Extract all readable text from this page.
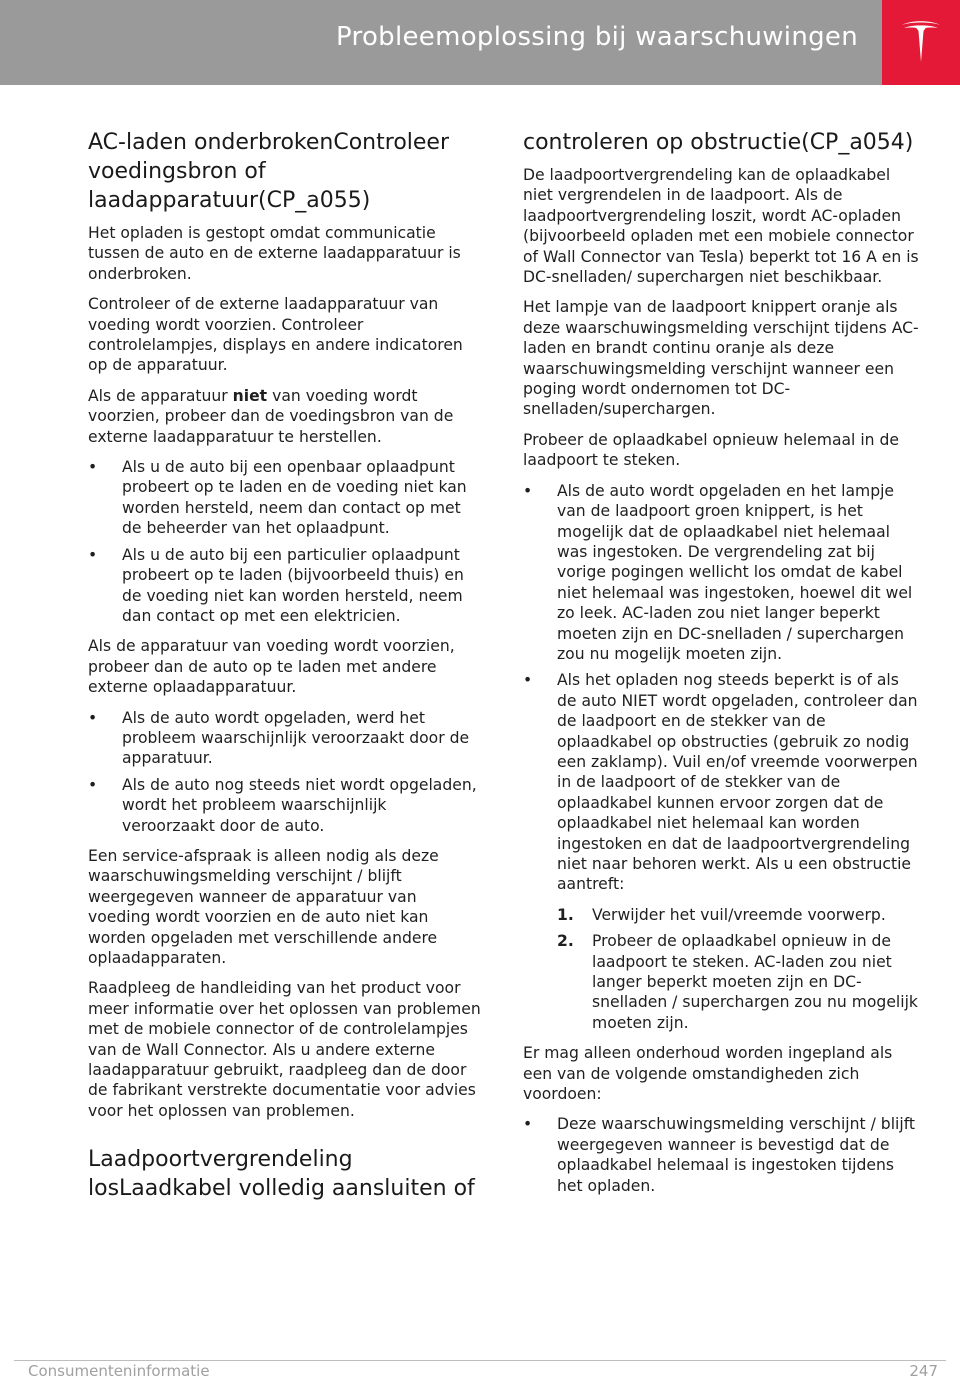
Probleemoplossing bij waarschuwingen
AC-laden onderbrokenControleer voedingsbron of laadapparatuur(CP_a055)

Het opladen is gestopt omdat communicatie tussen de auto en de externe laadapparatuur is onderbroken.

Controleer of de externe laadapparatuur van voeding wordt voorzien. Controleer controlelampjes, displays en andere indicatoren op de apparatuur.

Als de apparatuur niet van voeding wordt voorzien, probeer dan de voedingsbron van de externe laadapparatuur te herstellen.

•	Als u de auto bij een openbaar oplaadpunt probeert op te laden en de voeding niet kan worden hersteld, neem dan contact op met de beheerder van het oplaadpunt.
•	Als u de auto bij een particulier oplaadpunt probeert op te laden (bijvoorbeeld thuis) en de voeding niet kan worden hersteld, neem dan contact op met een elektricien.

Als de apparatuur van voeding wordt voorzien, probeer dan de auto op te laden met andere externe oplaadapparatuur.

•	Als de auto wordt opgeladen, werd het probleem waarschijnlijk veroorzaakt door de apparatuur.
•	Als de auto nog steeds niet wordt opgeladen, wordt het probleem waarschijnlijk veroorzaakt door de auto.

Een service-afspraak is alleen nodig als deze waarschuwingsmelding verschijnt / blijft weergegeven wanneer de apparatuur van voeding wordt voorzien en de auto niet kan worden opgeladen met verschillende andere oplaadapparaten.

Raadpleeg de handleiding van het product voor meer informatie over het oplossen van problemen met de mobiele connector of de controlelampjes van de Wall Connector. Als u andere externe laadapparatuur gebruikt, raadpleeg dan de door de fabrikant verstrekte documentatie voor advies voor het oplossen van problemen.

Laadpoortvergrendeling losLaadkabel volledig aansluiten of
controleren op obstructie(CP_a054)

De laadpoortvergrendeling kan de oplaadkabel niet vergrendelen in de laadpoort. Als de laadpoortvergrendeling loszit, wordt AC-opladen (bijvoorbeeld opladen met een mobiele connector of Wall Connector van Tesla) beperkt tot 16 A en is DC-snelladen/ superchargen niet beschikbaar.

Het lampje van de laadpoort knippert oranje als deze waarschuwingsmelding verschijnt tijdens AC-laden en brandt continu oranje als deze waarschuwingsmelding verschijnt wanneer een poging wordt ondernomen tot DC-snelladen/superchargen.

Probeer de oplaadkabel opnieuw helemaal in de laadpoort te steken.

•	Als de auto wordt opgeladen en het lampje van de laadpoort groen knippert, is het mogelijk dat de oplaadkabel niet helemaal was ingestoken. De vergrendeling zat bij vorige pogingen wellicht los omdat de kabel niet helemaal was ingestoken, hoewel dit wel zo leek. AC-laden zou niet langer beperkt moeten zijn en DC-snelladen / superchargen zou nu mogelijk moeten zijn.
•	Als het opladen nog steeds beperkt is of als de auto NIET wordt opgeladen, controleer dan de laadpoort en de stekker van de oplaadkabel op obstructies (gebruik zo nodig een zaklamp). Vuil en/of vreemde voorwerpen in de laadpoort of de stekker van de oplaadkabel kunnen ervoor zorgen dat de oplaadkabel niet helemaal kan worden ingestoken en dat de laadpoortvergrendeling niet naar behoren werkt. Als u een obstructie aantreft:
1. Verwijder het vuil/vreemde voorwerp.
2. Probeer de oplaadkabel opnieuw in de laadpoort te steken. AC-laden zou niet langer beperkt moeten zijn en DC-snelladen / superchargen zou nu mogelijk moeten zijn.

Er mag alleen onderhoud worden ingepland als een van de volgende omstandigheden zich voordoen:

•	Deze waarschuwingsmelding verschijnt / blijft weergegeven wanneer is bevestigd dat de oplaadkabel helemaal is ingestoken tijdens het opladen.
Consumenteninformatie	247
